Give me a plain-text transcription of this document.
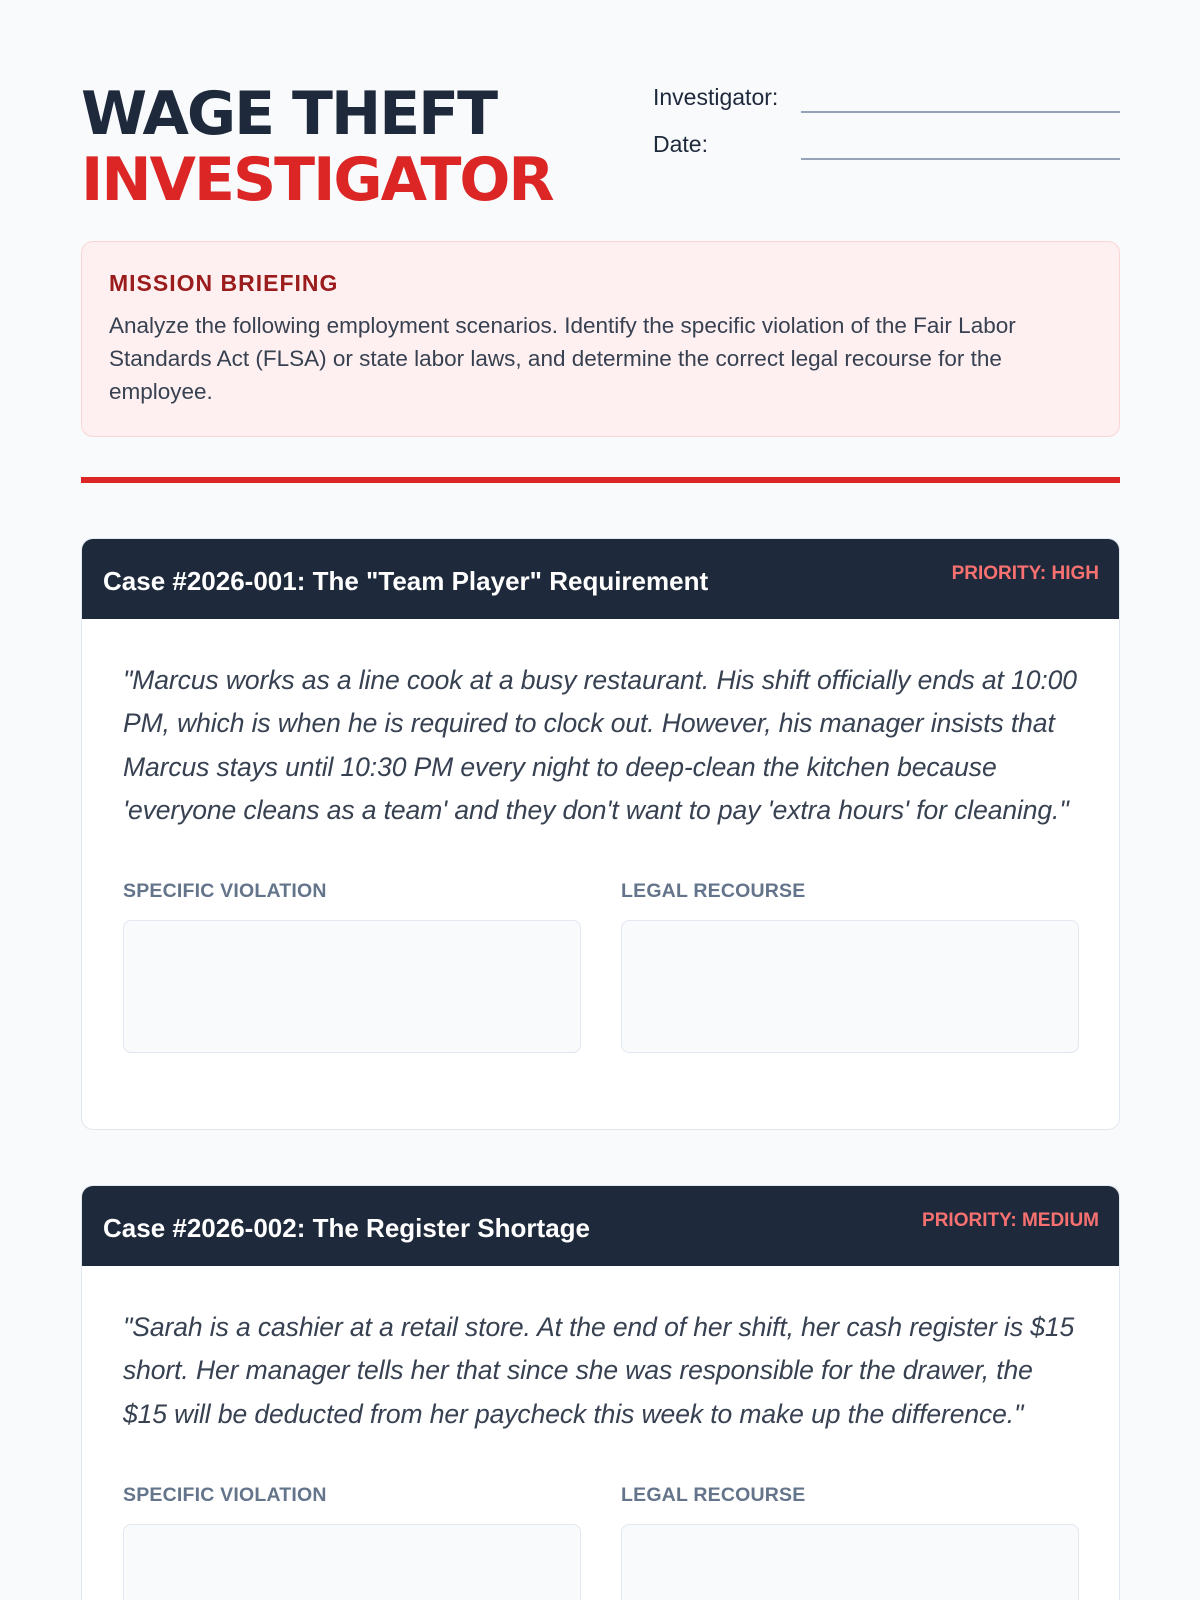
WAGE THEFT
INVESTIGATOR
Investigator:
Date:
MISSION BRIEFING
Analyze the following employment scenarios. Identify the specific violation of the Fair Labor Standards Act (FLSA) or state labor laws, and determine the correct legal recourse for the employee.
Case #2026-001: The "Team Player" Requirement	PRIORITY: HIGH
"Marcus works as a line cook at a busy restaurant. His shift officially ends at 10:00 PM, which is when he is required to clock out. However, his manager insists that Marcus stays until 10:30 PM every night to deep-clean the kitchen because 'everyone cleans as a team' and they don't want to pay 'extra hours' for cleaning."
SPECIFIC VIOLATION	LEGAL RECOURSE
Case #2026-002: The Register Shortage	PRIORITY: MEDIUM
"Sarah is a cashier at a retail store. At the end of her shift, her cash register is $15 short. Her manager tells her that since she was responsible for the drawer, the $15 will be deducted from her paycheck this week to make up the difference."
SPECIFIC VIOLATION	LEGAL RECOURSE
